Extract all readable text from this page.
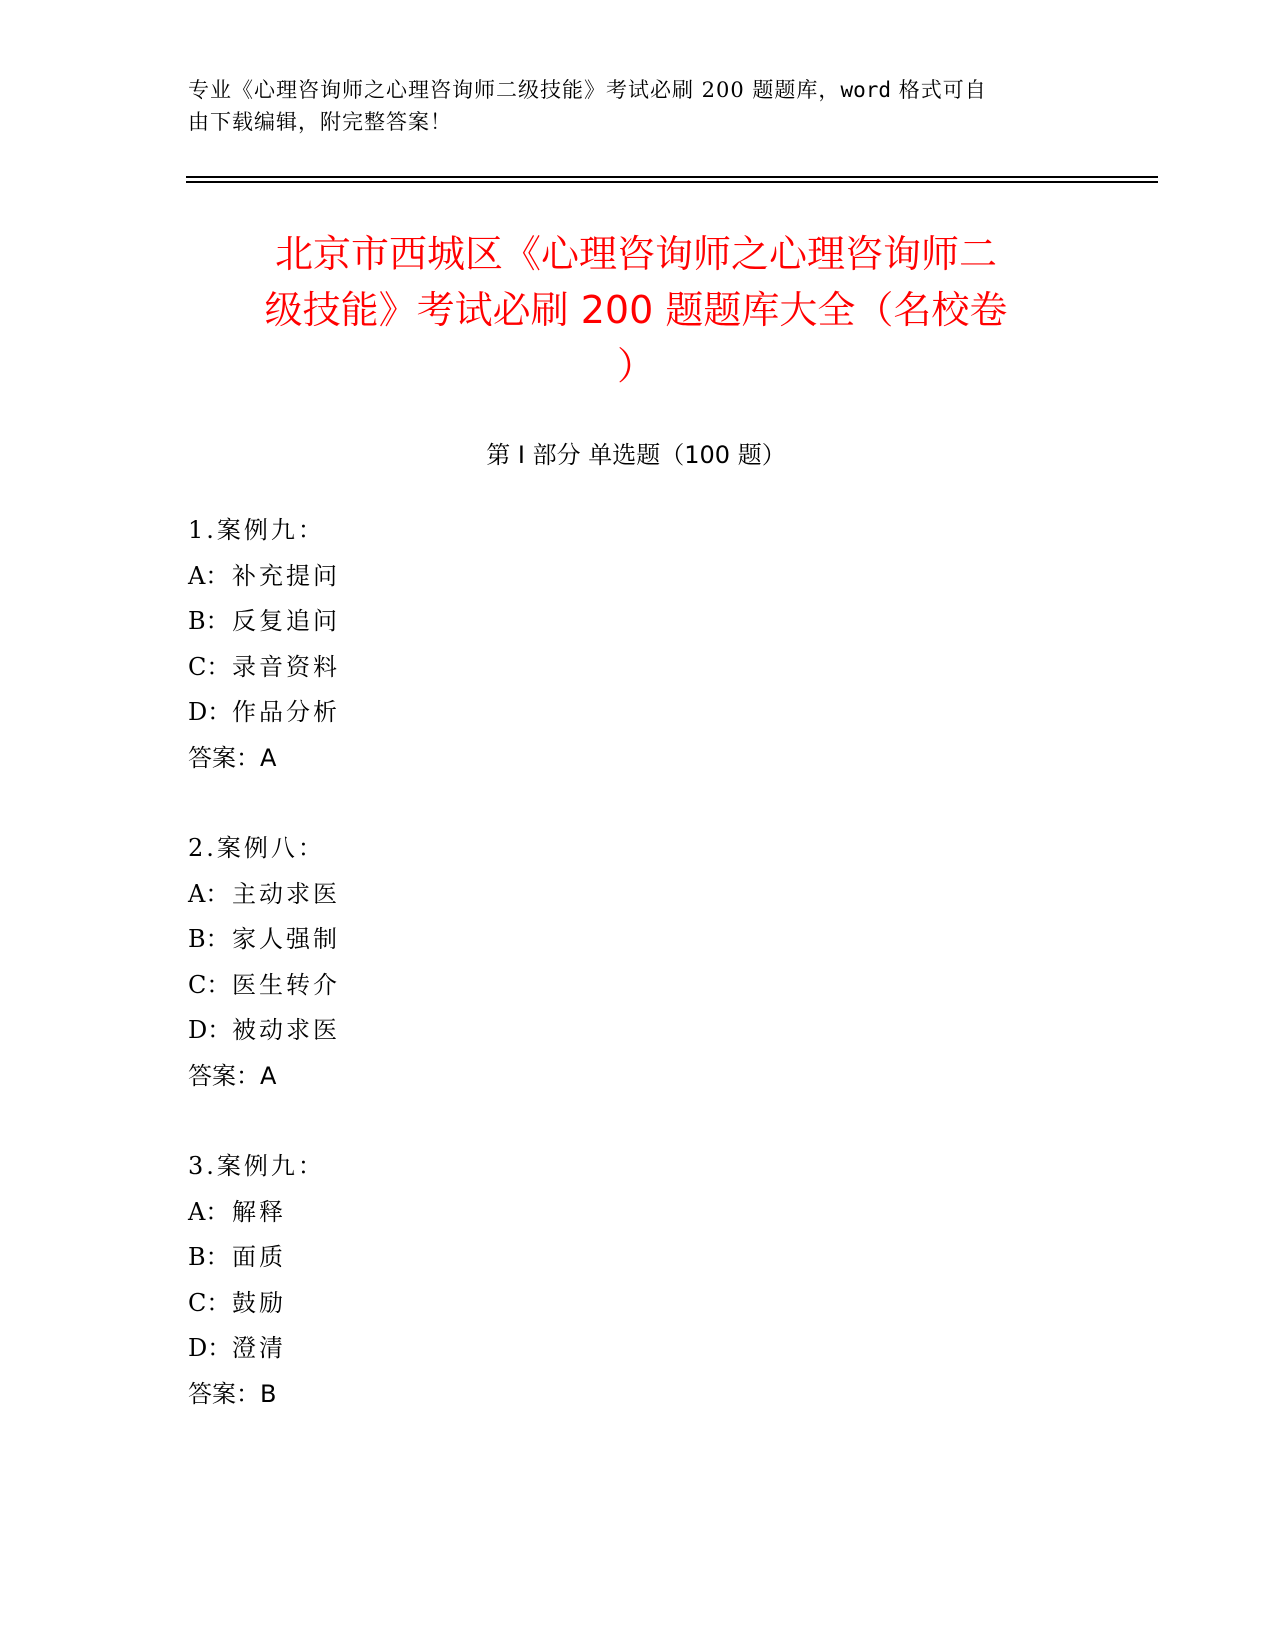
专业《心理咨询师之心理咨询师二级技能》考试必刷 200 题题库，word 格式可自
由下载编辑，附完整答案！
北京市西城区《心理咨询师之心理咨询师二
级技能》考试必刷 200 题题库大全（名校卷
）
第 I 部分 单选题（100 题）
1.案例九：
A： 补充提问
B：反复追问
C：录音资料
D：作品分析
答案：A
2.案例八：
A： 主动求医
B：家人强制
C：医生转介
D：被动求医
答案：A
3.案例九：
A： 解释
B：面质
C：鼓励
D：澄清
答案：B
